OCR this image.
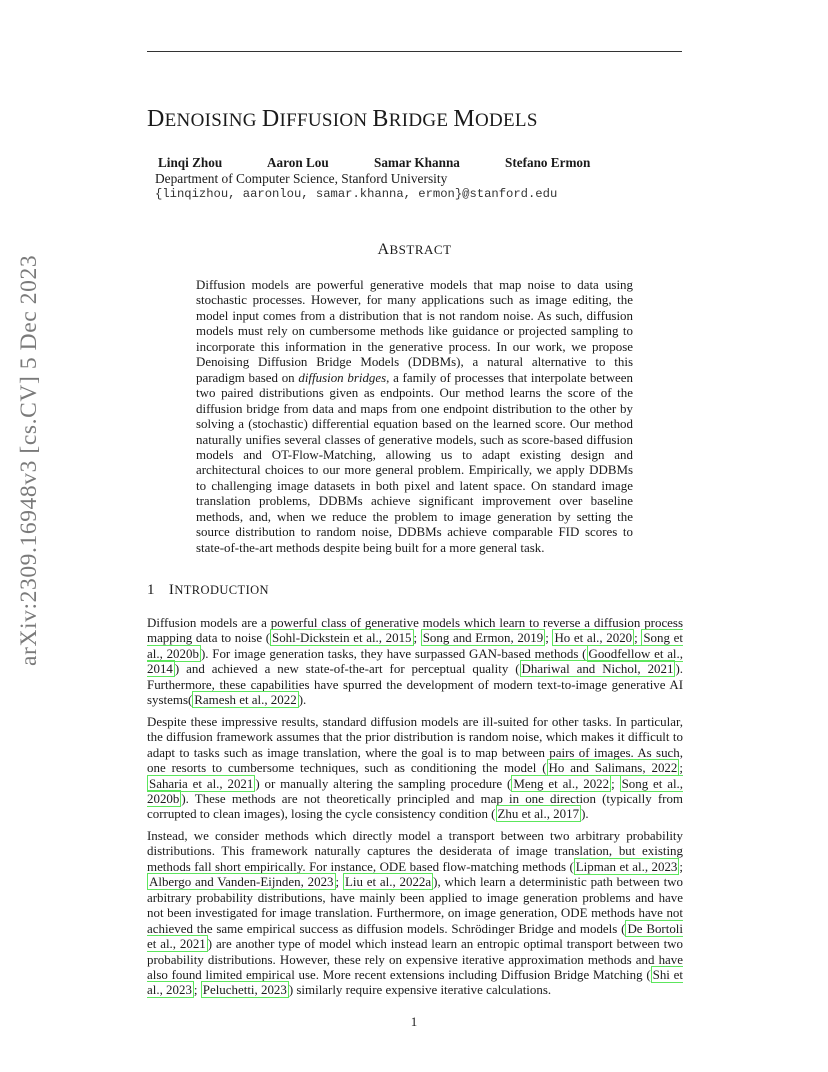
arXiv:2309.16948v3 [cs.CV] 5 Dec 2023
DENOISING DIFFUSION BRIDGE MODELS
Linqi Zhou	Aaron Lou	Samar Khanna	Stefano Ermon
Department of Computer Science, Stanford University
{linqizhou, aaronlou, samar.khanna, ermon}@stanford.edu
ABSTRACT
Diffusion models are powerful generative models that map noise to data using stochastic processes. However, for many applications such as image editing, the model input comes from a distribution that is not random noise. As such, diffusion models must rely on cumbersome methods like guidance or projected sampling to incorporate this information in the generative process. In our work, we propose Denoising Diffusion Bridge Models (DDBMs), a natural alternative to this paradigm based on diffusion bridges, a family of processes that interpolate between two paired distributions given as endpoints. Our method learns the score of the diffusion bridge from data and maps from one endpoint distribution to the other by solving a (stochastic) differential equation based on the learned score. Our method naturally unifies several classes of generative models, such as score-based diffusion models and OT-Flow-Matching, allowing us to adapt existing design and architectural choices to our more general problem. Empirically, we apply DDBMs to challenging image datasets in both pixel and latent space. On standard image translation problems, DDBMs achieve significant improvement over baseline methods, and, when we reduce the problem to image generation by setting the source distribution to random noise, DDBMs achieve comparable FID scores to state-of-the-art methods despite being built for a more general task.
1 INTRODUCTION

Diffusion models are a powerful class of generative models which learn to reverse a diffusion process mapping data to noise ( Sohl-Dickstein et al., 2015 ; Song and Ermon, 2019 ; Ho et al., 2020 ; Song et al., 2020b ). For image generation tasks, they have surpassed GAN-based methods ( Goodfellow et al., 2014 ) and achieved a new state-of-the-art for perceptual quality ( Dhariwal and Nichol, 2021 ). Furthermore, these capabilities have spurred the development of modern text-to-image generative AI systems( Ramesh et al., 2022 ).

Despite these impressive results, standard diffusion models are ill-suited for other tasks. In particular, the diffusion framework assumes that the prior distribution is random noise, which makes it difficult to adapt to tasks such as image translation, where the goal is to map between pairs of images. As such, one resorts to cumbersome techniques, such as conditioning the model ( Ho and Salimans, 2022 ; Saharia et al., 2021 ) or manually altering the sampling procedure ( Meng et al., 2022 ; Song et al., 2020b ). These methods are not theoretically principled and map in one direction (typically from corrupted to clean images), losing the cycle consistency condition ( Zhu et al., 2017 ).

Instead, we consider methods which directly model a transport between two arbitrary probability distributions. This framework naturally captures the desiderata of image translation, but existing methods fall short empirically. For instance, ODE based flow-matching methods ( Lipman et al., 2023 ; Albergo and Vanden-Eijnden, 2023 ; Liu et al., 2022a ), which learn a deterministic path between two arbitrary probability distributions, have mainly been applied to image generation problems and have not been investigated for image translation. Furthermore, on image generation, ODE methods have not achieved the same empirical success as diffusion models. Schrödinger Bridge and models ( De Bortoli et al., 2021 ) are another type of model which instead learn an entropic optimal transport between two probability distributions. However, these rely on expensive iterative approximation methods and have also found limited empirical use. More recent extensions including Diffusion Bridge Matching ( Shi et al., 2023 ; Peluchetti, 2023 ) similarly require expensive iterative calculations.

1
